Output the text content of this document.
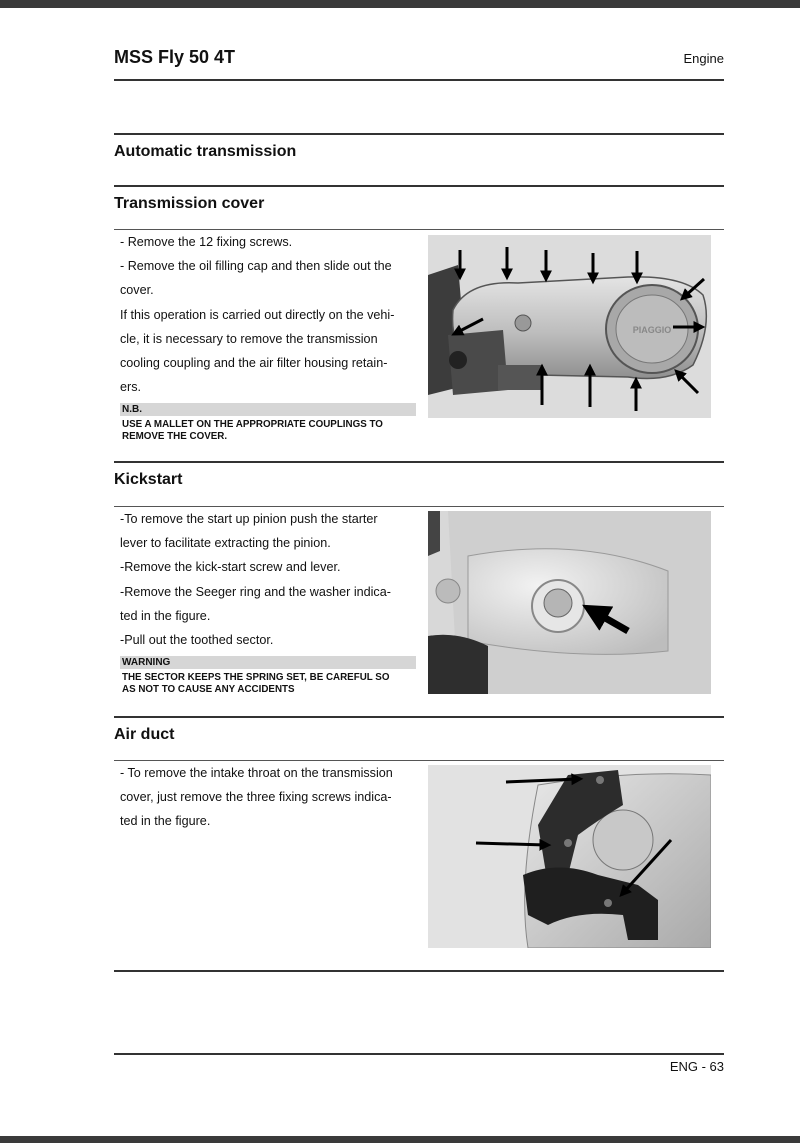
MSS Fly 50 4T	Engine
Automatic transmission
Transmission cover

- Remove the 12 fixing screws.

- Remove the oil filling cap and then slide out the

cover.

If this operation is carried out directly on the vehi-

cle, it is necessary to remove the transmission

cooling coupling and the air filter housing retain-

ers.

N.B.
USE A MALLET ON THE APPROPRIATE COUPLINGS TO
REMOVE THE COVER.
PIAGGIO
Kickstart

-To remove the start up pinion push the starter

lever to facilitate extracting the pinion.

-Remove the kick-start screw and lever.

-Remove the Seeger ring and the washer indica-

ted in the figure.

-Pull out the toothed sector.

WARNING
THE SECTOR KEEPS THE SPRING SET, BE CAREFUL SO
AS NOT TO CAUSE ANY ACCIDENTS
Air duct

- To remove the intake throat on the transmission

cover, just remove the three fixing screws indica-

ted in the figure.

ENG - 63
